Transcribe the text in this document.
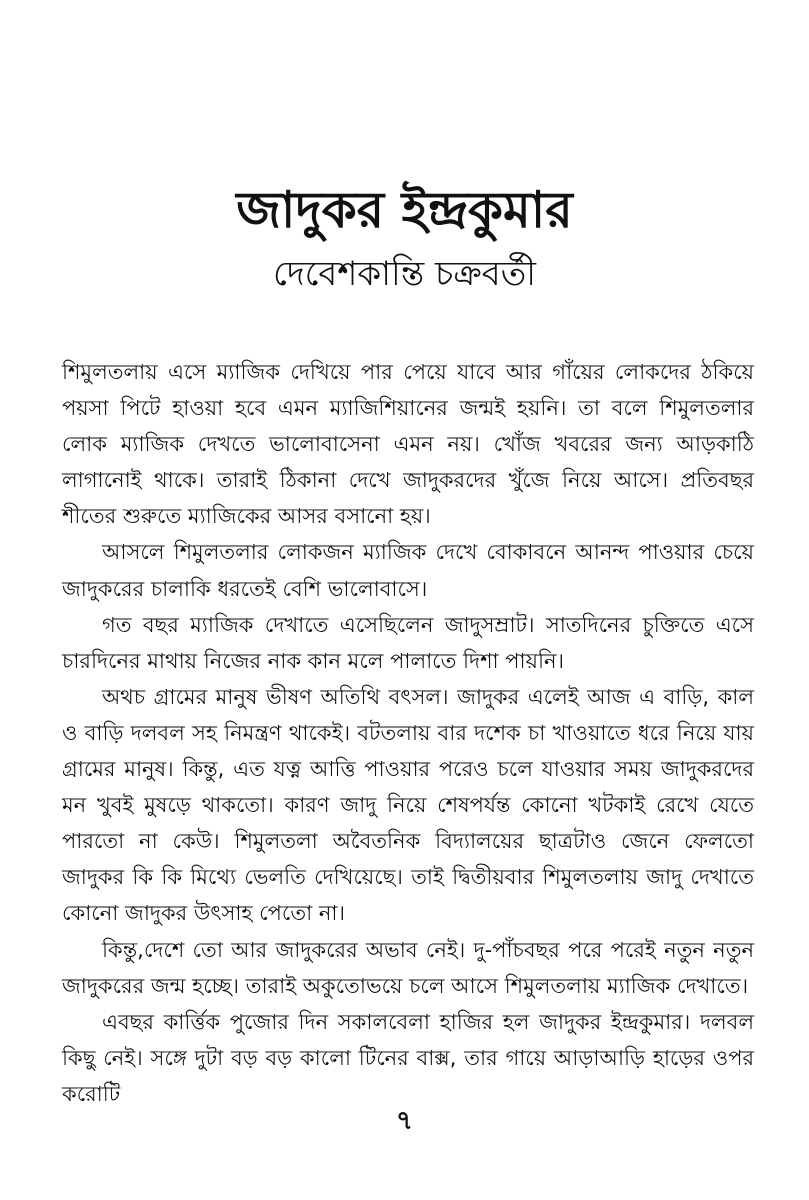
জাদুকর ইন্দ্রকুমার
দেবেশকান্তি চক্রবর্তী

শিমুলতলায় এসে ম্যাজিক দেখিয়ে পার পেয়ে যাবে আর গাঁয়ের লোকদের ঠকিয়ে পয়সা পিটে হাওয়া হবে এমন ম্যাজিশিয়ানের জন্মই হয়নি। তা বলে শিমুলতলার লোক ম্যাজিক দেখতে ভালোবাসেনা এমন নয়। খোঁজ খবরের জন্য আড়কাঠি লাগানোই থাকে। তারাই ঠিকানা দেখে জাদুকরদের খুঁজে নিয়ে আসে। প্রতিবছর শীতের শুরুতে ম্যাজিকের আসর বসানো হয়।

আসলে শিমুলতলার লোকজন ম্যাজিক দেখে বোকাবনে আনন্দ পাওয়ার চেয়ে জাদুকরের চালাকি ধরতেই বেশি ভালোবাসে।

গত বছর ম্যাজিক দেখাতে এসেছিলেন জাদুসম্রাট। সাতদিনের চুক্তিতে এসে চারদিনের মাথায় নিজের নাক কান মলে পালাতে দিশা পায়নি।

অথচ গ্রামের মানুষ ভীষণ অতিথি বৎসল। জাদুকর এলেই আজ এ বাড়ি, কাল ও বাড়ি দলবল সহ নিমন্ত্রণ থাকেই। বটতলায় বার দশেক চা খাওয়াতে ধরে নিয়ে যায় গ্রামের মানুষ। কিন্তু, এত যত্ন আত্তি পাওয়ার পরেও চলে যাওয়ার সময় জাদুকরদের মন খুবই মুষড়ে থাকতো। কারণ জাদু নিয়ে শেষপর্যন্ত কোনো খটকাই রেখে যেতে পারতো না কেউ। শিমুলতলা অবৈতনিক বিদ্যালয়ের ছাত্রটাও জেনে ফেলতো জাদুকর কি কি মিথ্যে ভেলতি দেখিয়েছে। তাই দ্বিতীয়বার শিমুলতলায় জাদু দেখাতে কোনো জাদুকর উৎসাহ পেতো না।

কিন্তু,দেশে তো আর জাদুকরের অভাব নেই। দু-পাঁচবছর পরে পরেই নতুন নতুন জাদুকরের জন্ম হচ্ছে। তারাই অকুতোভয়ে চলে আসে শিমুলতলায় ম্যাজিক দেখাতে।

এবছর কার্ত্তিক পুজোর দিন সকালবেলা হাজির হল জাদুকর ইন্দ্রকুমার। দলবল কিছু নেই। সঙ্গে দুটা বড় বড় কালো টিনের বাক্স, তার গায়ে আড়াআড়ি হাড়ের ওপর করোটি

৭
